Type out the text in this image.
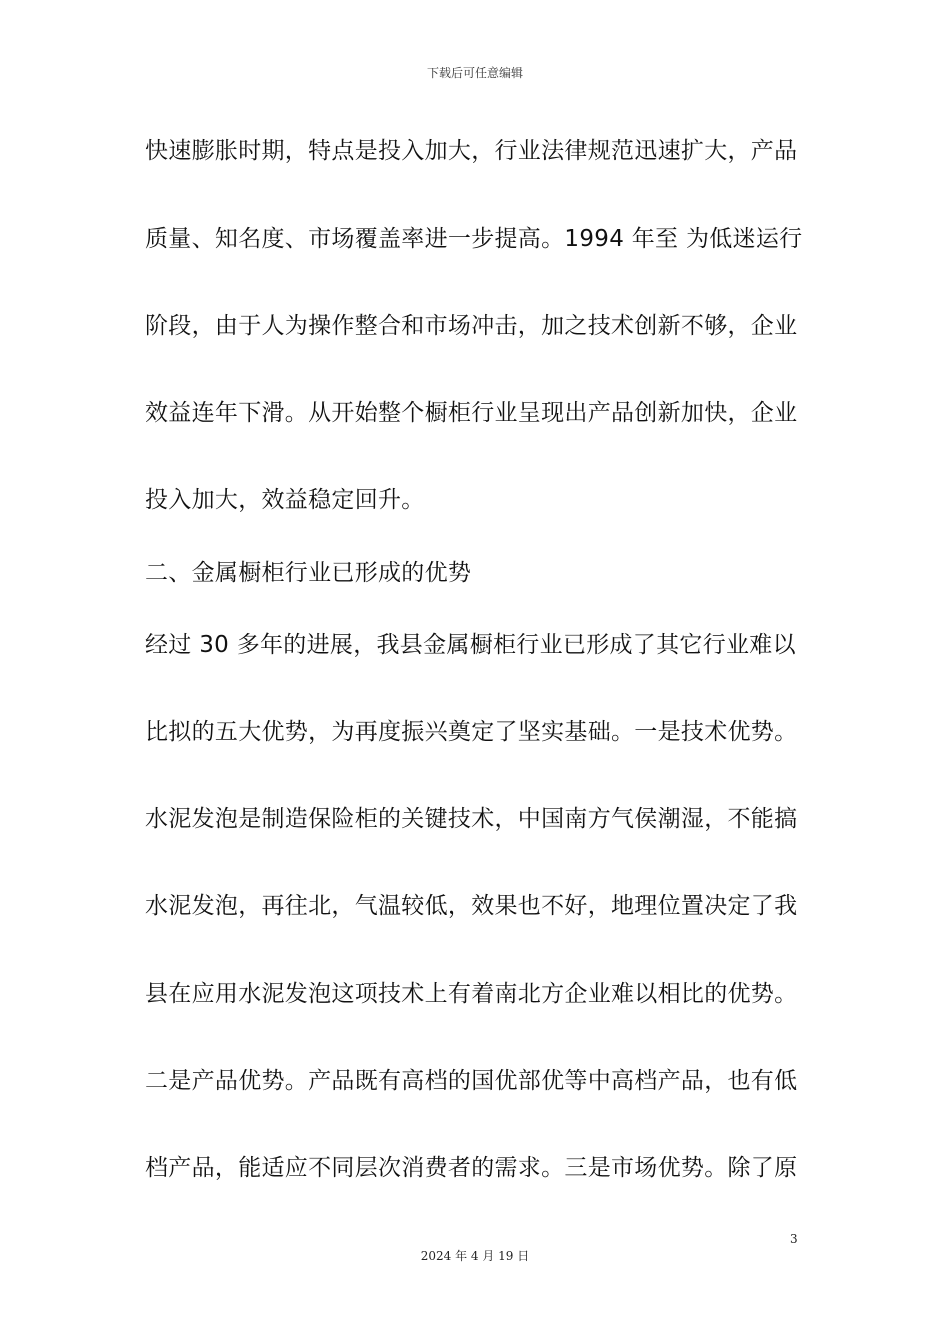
下载后可任意编辑
快速膨胀时期，特点是投入加大，行业法律规范迅速扩大，产品
质量、知名度、市场覆盖率进一步提高。1994 年至 为低迷运行
阶段，由于人为操作整合和市场冲击，加之技术创新不够，企业
效益连年下滑。从开始整个橱柜行业呈现出产品创新加快，企业
投入加大，效益稳定回升。
二、金属橱柜行业已形成的优势
经过 30 多年的进展，我县金属橱柜行业已形成了其它行业难以
比拟的五大优势，为再度振兴奠定了坚实基础。一是技术优势。
水泥发泡是制造保险柜的关键技术，中国南方气侯潮湿，不能搞
水泥发泡，再往北，气温较低，效果也不好，地理位置决定了我
县在应用水泥发泡这项技术上有着南北方企业难以相比的优势。
二是产品优势。产品既有高档的国优部优等中高档产品，也有低
档产品，能适应不同层次消费者的需求。三是市场优势。除了原
3
2024 年 4 月 19 日
